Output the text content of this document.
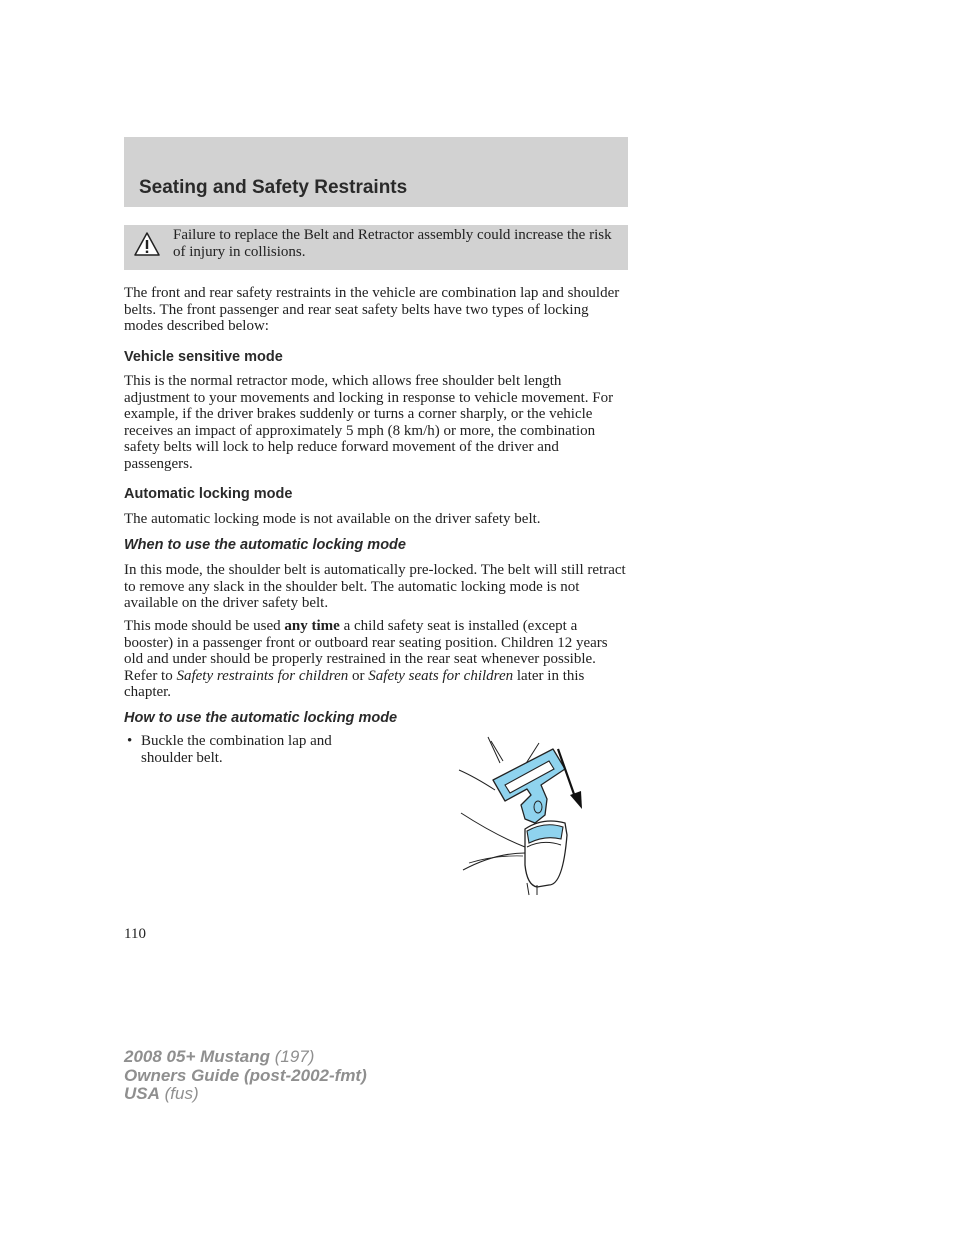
Seating and Safety Restraints
Failure to replace the Belt and Retractor assembly could increase the risk of injury in collisions.

The front and rear safety restraints in the vehicle are combination lap and shoulder belts. The front passenger and rear seat safety belts have two types of locking modes described below:

Vehicle sensitive mode

This is the normal retractor mode, which allows free shoulder belt length adjustment to your movements and locking in response to vehicle movement. For example, if the driver brakes suddenly or turns a corner sharply, or the vehicle receives an impact of approximately 5 mph (8 km/h) or more, the combination safety belts will lock to help reduce forward movement of the driver and passengers.

Automatic locking mode

The automatic locking mode is not available on the driver safety belt.

When to use the automatic locking mode

In this mode, the shoulder belt is automatically pre-locked. The belt will still retract to remove any slack in the shoulder belt. The automatic locking mode is not available on the driver safety belt.

This mode should be used any time a child safety seat is installed (except a booster) in a passenger front or outboard rear seating position. Children 12 years old and under should be properly restrained in the rear seat whenever possible. Refer to Safety restraints for children or Safety seats for children later in this chapter.

How to use the automatic locking mode
• Buckle the combination lap and shoulder belt.
110
2008 05+ Mustang (197)
Owners Guide (post-2002-fmt)
USA (fus)
